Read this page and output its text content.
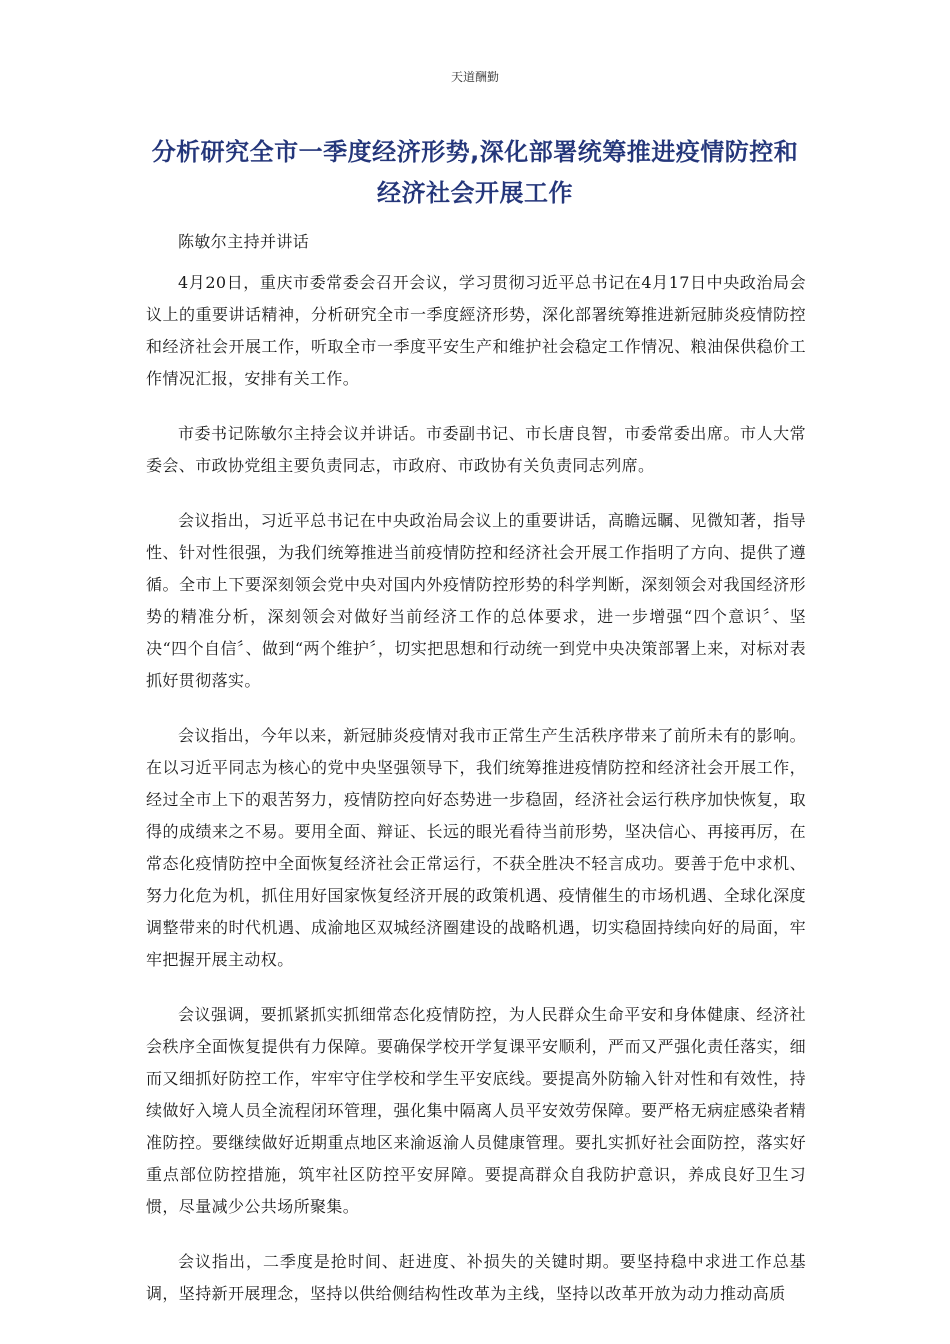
天道酬勤
分析研究全市一季度经济形势,深化部署统筹推进疫情防控和经济社会开展工作

陈敏尔主持并讲话

4月20日，重庆市委常委会召开会议，学习贯彻习近平总书记在4月17日中央政治局会议上的重要讲话精神，分析研究全市一季度經济形势，深化部署统筹推进新冠肺炎疫情防控和经济社会开展工作，听取全市一季度平安生产和维护社会稳定工作情况、粮油保供稳价工作情况汇报，安排有关工作。

市委书记陈敏尔主持会议并讲话。市委副书记、市长唐良智，市委常委出席。市人大常委会、市政协党组主要负责同志，市政府、市政协有关负责同志列席。

会议指出，习近平总书记在中央政治局会议上的重要讲话，高瞻远瞩、见微知著，指导性、针对性很强，为我们统筹推进当前疫情防控和经济社会开展工作指明了方向、提供了遵循。全市上下要深刻领会党中央对国内外疫情防控形势的科学判断，深刻领会对我国经济形势的精准分析，深刻领会对做好当前经济工作的总体要求，进一步增强“四个意识〞、坚决“四个自信〞、做到“两个维护〞，切实把思想和行动统一到党中央决策部署上来，对标对表抓好贯彻落实。

会议指出，今年以来，新冠肺炎疫情对我市正常生产生活秩序带来了前所未有的影响。在以习近平同志为核心的党中央坚强领导下，我们统筹推进疫情防控和经济社会开展工作，经过全市上下的艰苦努力，疫情防控向好态势进一步稳固，经济社会运行秩序加快恢复，取得的成绩来之不易。要用全面、辩证、长远的眼光看待当前形势，坚决信心、再接再厉，在常态化疫情防控中全面恢复经济社会正常运行，不获全胜决不轻言成功。要善于危中求机、努力化危为机，抓住用好国家恢复经济开展的政策机遇、疫情催生的市场机遇、全球化深度调整带来的时代机遇、成渝地区双城经济圈建设的战略机遇，切实稳固持续向好的局面，牢牢把握开展主动权。

会议强调，要抓紧抓实抓细常态化疫情防控，为人民群众生命平安和身体健康、经济社会秩序全面恢复提供有力保障。要确保学校开学复课平安顺利，严而又严强化责任落实，细而又细抓好防控工作，牢牢守住学校和学生平安底线。要提高外防输入针对性和有效性，持续做好入境人员全流程闭环管理，强化集中隔离人员平安效劳保障。要严格无病症感染者精准防控。要继续做好近期重点地区来渝返渝人员健康管理。要扎实抓好社会面防控，落实好重点部位防控措施，筑牢社区防控平安屏障。要提高群众自我防护意识，养成良好卫生习惯，尽量减少公共场所聚集。

会议指出，二季度是抢时间、赶进度、补损失的关键时期。要坚持稳中求进工作总基调，坚持新开展理念，坚持以供给侧结构性改革为主线，坚持以改革开放为动力推动高质
